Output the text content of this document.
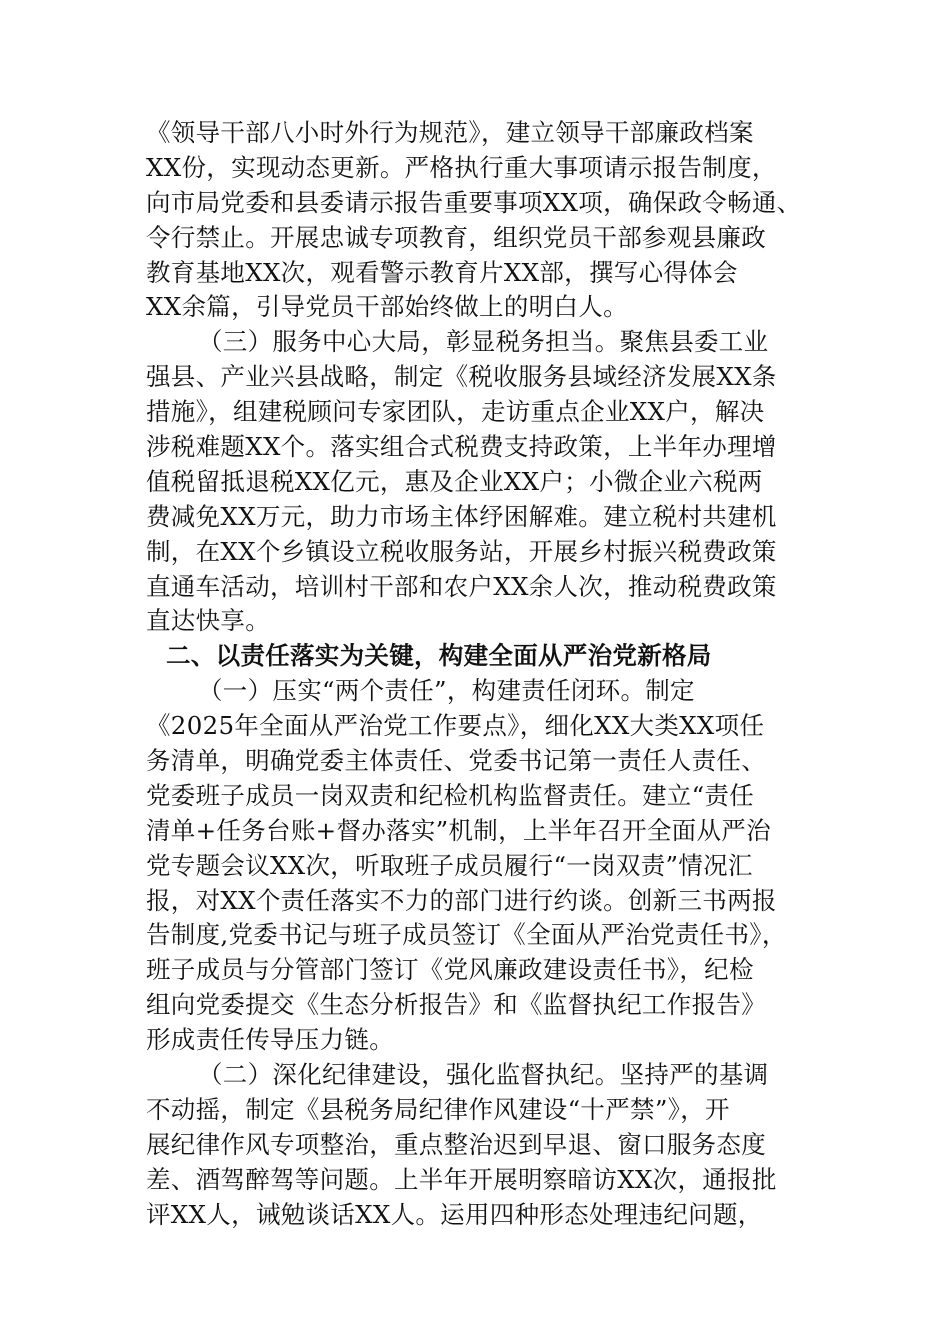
《领导干部八小时外行为规范》，建立领导干部廉政档案
XX份，实现动态更新。严格执行重大事项请示报告制度，
向市局党委和县委请示报告重要事项XX项，确保政令畅通、
令行禁止。开展忠诚专项教育，组织党员干部参观县廉政
教育基地XX次，观看警示教育片XX部，撰写心得体会
XX余篇，引导党员干部始终做上的明白人。
（三）服务中心大局，彰显税务担当。聚焦县委工业
强县、产业兴县战略，制定《税收服务县域经济发展XX条
措施》，组建税顾问专家团队，走访重点企业XX户，解决
涉税难题XX个。落实组合式税费支持政策，上半年办理增
值税留抵退税XX亿元，惠及企业XX户；小微企业六税两
费减免XX万元，助力市场主体纾困解难。建立税村共建机
制，在XX个乡镇设立税收服务站，开展乡村振兴税费政策
直通车活动，培训村干部和农户XX余人次，推动税费政策
直达快享。
二、以责任落实为关键，构建全面从严治党新格局
（一）压实“两个责任”，构建责任闭环。制定
《2025年全面从严治党工作要点》，细化XX大类XX项任
务清单，明确党委主体责任、党委书记第一责任人责任、
党委班子成员一岗双责和纪检机构监督责任。建立“责任
清单+任务台账+督办落实”机制，上半年召开全面从严治
党专题会议XX次，听取班子成员履行“一岗双责”情况汇
报，对XX个责任落实不力的部门进行约谈。创新三书两报
告制度,党委书记与班子成员签订《全面从严治党责任书》，
班子成员与分管部门签订《党风廉政建设责任书》，纪检
组向党委提交《生态分析报告》和《监督执纪工作报告》
形成责任传导压力链。
（二）深化纪律建设，强化监督执纪。坚持严的基调
不动摇，制定《县税务局纪律作风建设“十严禁”》，开
展纪律作风专项整治，重点整治迟到早退、窗口服务态度
差、酒驾醉驾等问题。上半年开展明察暗访XX次，通报批
评XX人，诫勉谈话XX人。运用四种形态处理违纪问题，
